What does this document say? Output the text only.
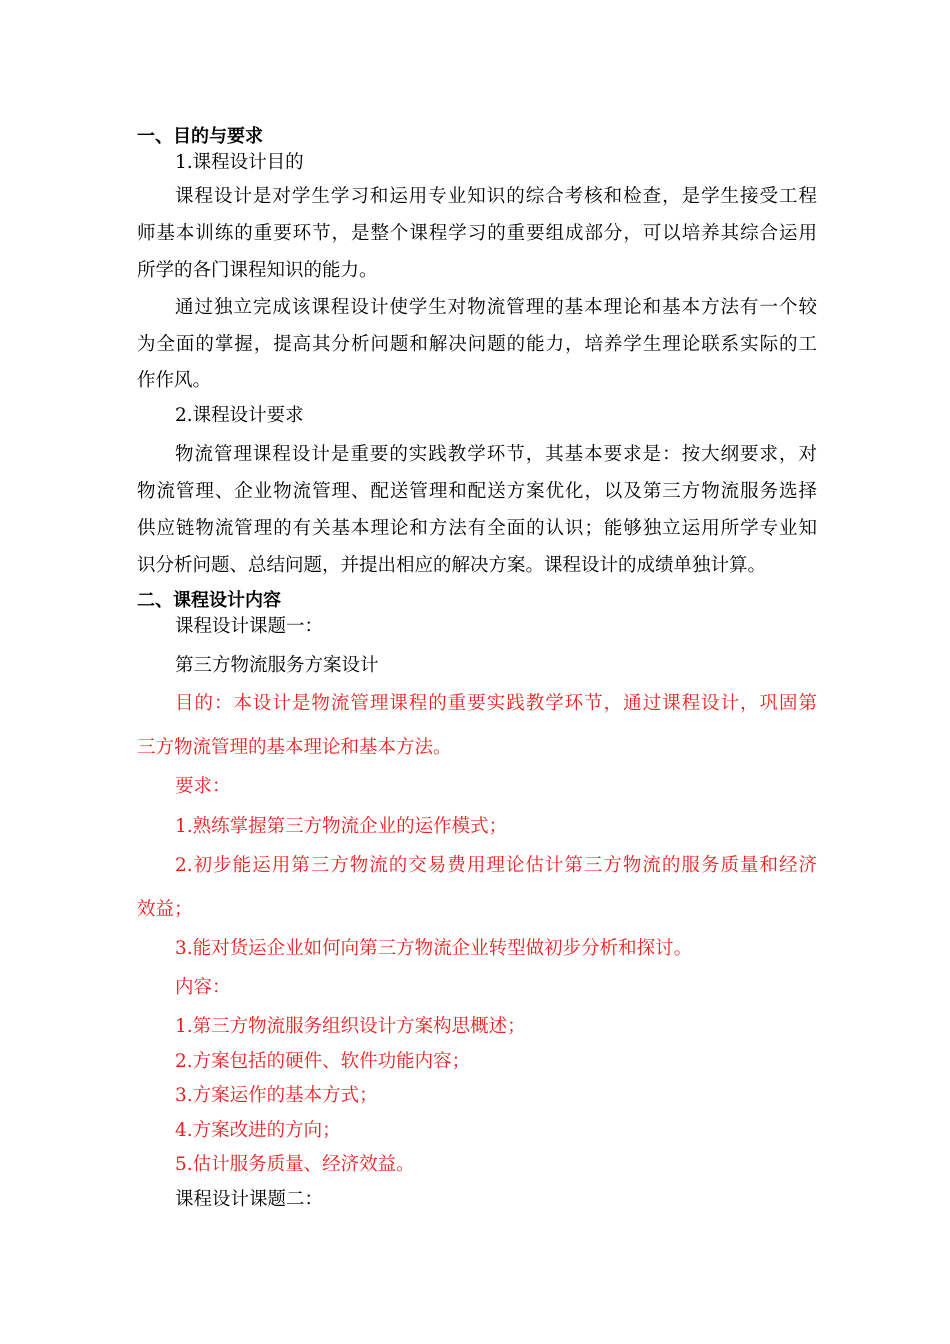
一、目的与要求
1.课程设计目的
课程设计是对学生学习和运用专业知识的综合考核和检查，是学生接受工程
师基本训练的重要环节，是整个课程学习的重要组成部分，可以培养其综合运用
所学的各门课程知识的能力。
通过独立完成该课程设计使学生对物流管理的基本理论和基本方法有一个较
为全面的掌握，提高其分析问题和解决问题的能力，培养学生理论联系实际的工
作作风。
2.课程设计要求
物流管理课程设计是重要的实践教学环节，其基本要求是：按大纲要求，对
物流管理、企业物流管理、配送管理和配送方案优化，以及第三方物流服务选择
供应链物流管理的有关基本理论和方法有全面的认识；能够独立运用所学专业知
识分析问题、总结问题，并提出相应的解决方案。课程设计的成绩单独计算。
二、课程设计内容
课程设计课题一：
第三方物流服务方案设计
目的：本设计是物流管理课程的重要实践教学环节，通过课程设计，巩固第
三方物流管理的基本理论和基本方法。
要求：
1.熟练掌握第三方物流企业的运作模式；
2.初步能运用第三方物流的交易费用理论估计第三方物流的服务质量和经济
效益；
3.能对货运企业如何向第三方物流企业转型做初步分析和探讨。
内容：
1.第三方物流服务组织设计方案构思概述；
2.方案包括的硬件、软件功能内容；
3.方案运作的基本方式；
4.方案改进的方向；
5.估计服务质量、经济效益。
课程设计课题二：
